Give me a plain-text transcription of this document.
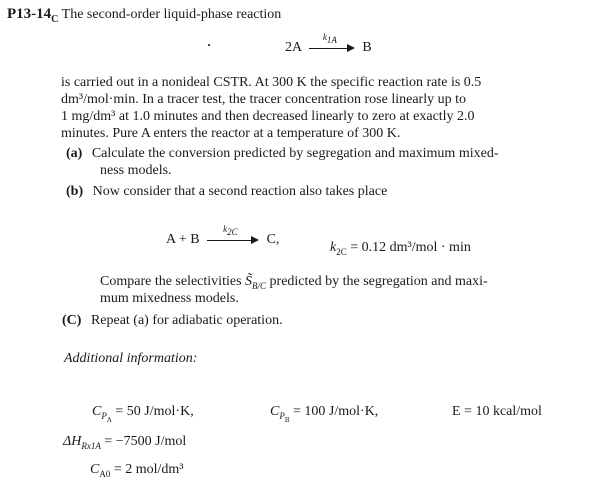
$P13-14_C$ The second-order liquid-phase reaction
2A
$k_{1A}$
B
is carried out in a nonideal CSTR. At 300 K the specific reaction rate is 0.5
dm³/mol·min. In a tracer test, the tracer concentration rose linearly up to
1 mg/dm³ at 1.0 minutes and then decreased linearly to zero at exactly 2.0
minutes. Pure A enters the reactor at a temperature of 300 K.
(a) Calculate the conversion predicted by segregation and maximum mixed-
ness models.
(b) Now consider that a second reaction also takes place
A + B
$k_{2C}$
C,
$k_{2C} = 0.12$ dm³/mol · min
Compare the selectivities $S̃_{B/C}$ predicted by the segregation and maxi-
mum mixedness models.
(C) Repeat (a) for adiabatic operation.
Additional information:
$C_{P_A} = 50$ J/mol·K,	$C_{P_B} = 100$ J/mol·K,	E = 10 kcal/mol
$\Delta H_{Rx1A} = -7500$ J/mol
$C_{A0} = 2$ mol/dm³
